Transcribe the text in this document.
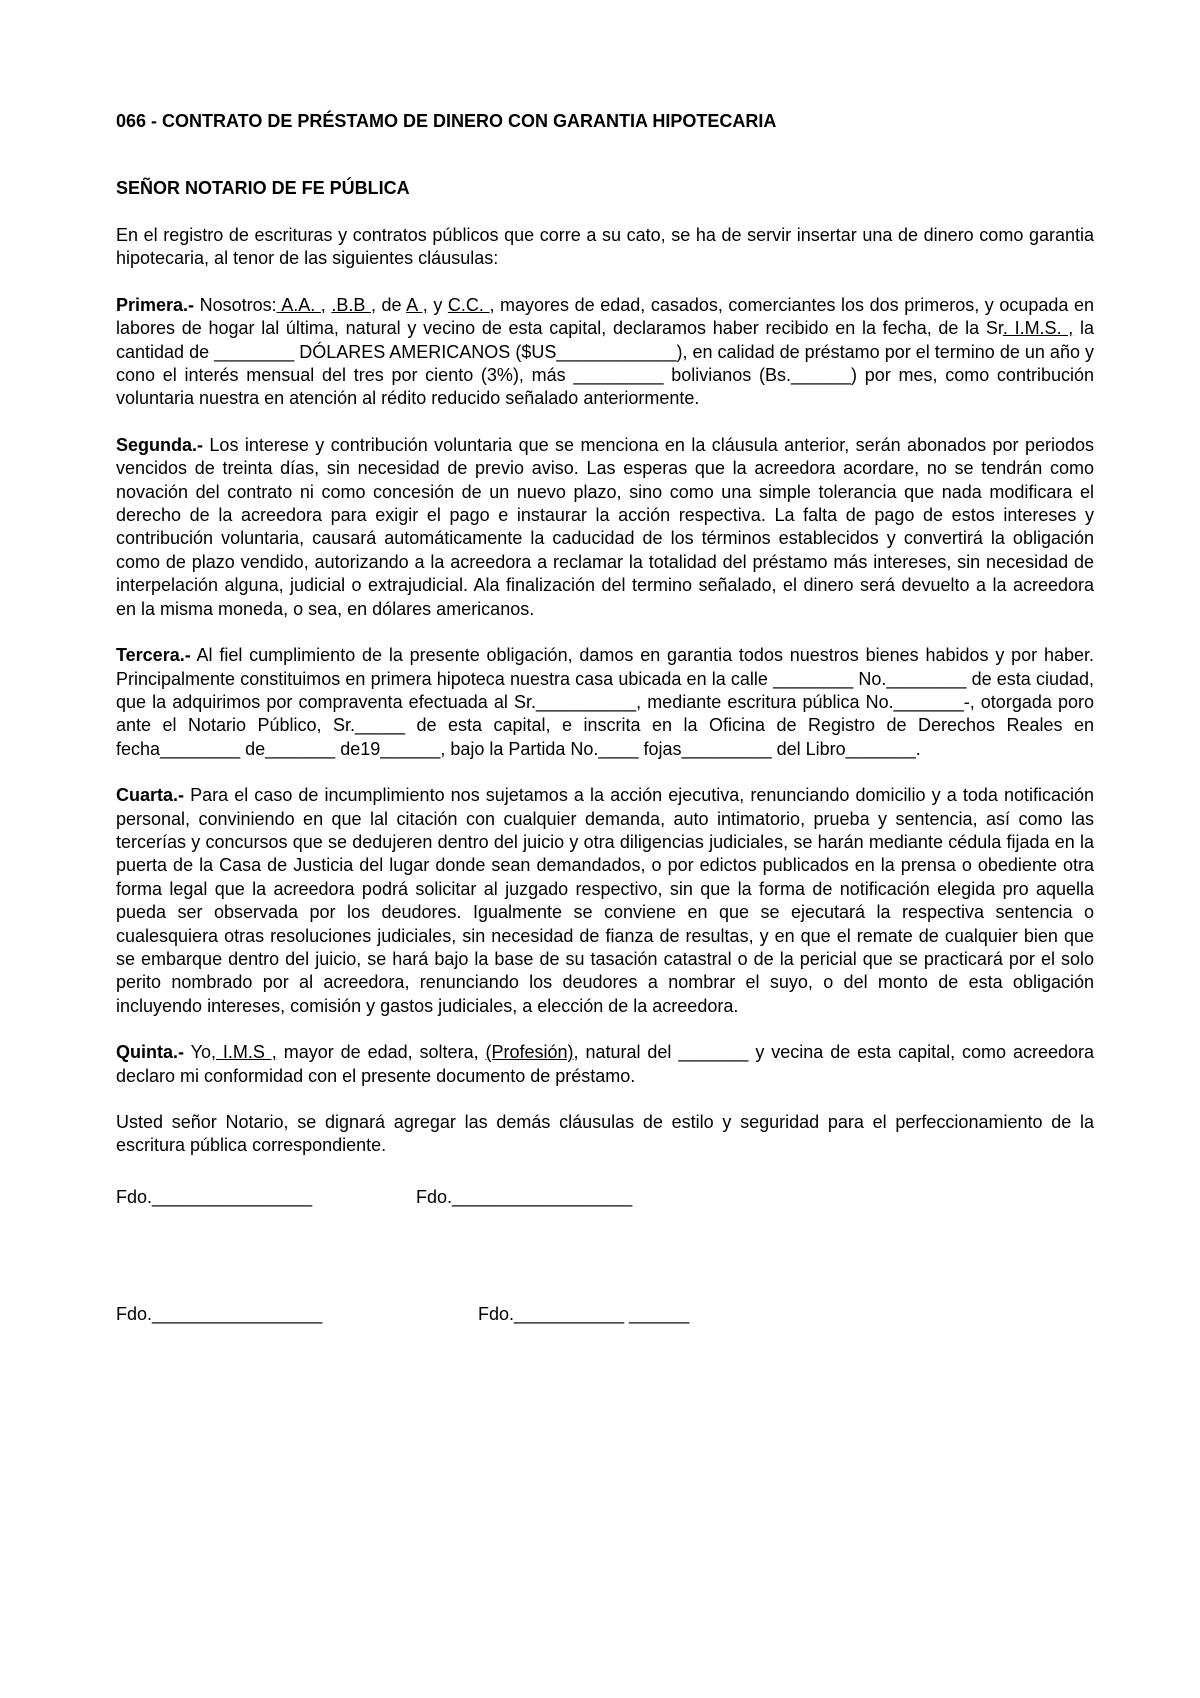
066 - CONTRATO DE PRÉSTAMO DE DINERO CON GARANTIA HIPOTECARIA
SEÑOR NOTARIO DE FE PÚBLICA

En el registro de escrituras y contratos públicos que corre a su cato, se ha de servir insertar una de dinero como garantia hipotecaria, al tenor de las siguientes cláusulas:

Primera.- Nosotros: A.A. , .B.B , de A , y C.C. , mayores de edad, casados, comerciantes los dos primeros, y ocupada en labores de hogar lal última, natural y vecino de esta capital, declaramos haber recibido en la fecha, de la Sr. I.M.S. , la cantidad de ________ DÓLARES AMERICANOS ($US____________), en calidad de préstamo por el termino de un año y cono el interés mensual del tres por ciento (3%), más _________ bolivianos (Bs.______) por mes, como contribución voluntaria nuestra en atención al rédito reducido señalado anteriormente.

Segunda.- Los interese y contribución voluntaria que se menciona en la cláusula anterior, serán abonados por periodos vencidos de treinta días, sin necesidad de previo aviso. Las esperas que la acreedora acordare, no se tendrán como novación del contrato ni como concesión de un nuevo plazo, sino como una simple tolerancia que nada modificara el derecho de la acreedora para exigir el pago e instaurar la acción respectiva. La falta de pago de estos intereses y contribución voluntaria, causará automáticamente la caducidad de los términos establecidos y convertirá la obligación como de plazo vendido, autorizando a la acreedora a reclamar la totalidad del préstamo más intereses, sin necesidad de interpelación alguna, judicial o extrajudicial. Ala finalización del termino señalado, el dinero será devuelto a la acreedora en la misma moneda, o sea, en dólares americanos.

Tercera.- Al fiel cumplimiento de la presente obligación, damos en garantia todos nuestros bienes habidos y por haber. Principalmente constituimos en primera hipoteca nuestra casa ubicada en la calle ________ No.________ de esta ciudad, que la adquirimos por compraventa efectuada al Sr.__________, mediante escritura pública No._______-, otorgada poro ante el Notario Público, Sr._____ de esta capital, e inscrita en la Oficina de Registro de Derechos Reales en fecha________ de_______ de19______, bajo la Partida No.____ fojas_________ del Libro_______.

Cuarta.- Para el caso de incumplimiento nos sujetamos a la acción ejecutiva, renunciando domicilio y a toda notificación personal, conviniendo en que lal citación con cualquier demanda, auto intimatorio, prueba y sentencia, así como las tercerías y concursos que se dedujeren dentro del juicio y otra diligencias judiciales, se harán mediante cédula fijada en la puerta de la Casa de Justicia del lugar donde sean demandados, o por edictos publicados en la prensa o obediente otra forma legal que la acreedora podrá solicitar al juzgado respectivo, sin que la forma de notificación elegida pro aquella pueda ser observada por los deudores. Igualmente se conviene en que se ejecutará la respectiva sentencia o cualesquiera otras resoluciones judiciales, sin necesidad de fianza de resultas, y en que el remate de cualquier bien que se embarque dentro del juicio, se hará bajo la base de su tasación catastral o de la pericial que se practicará por el solo perito nombrado por al acreedora, renunciando los deudores a nombrar el suyo, o del monto de esta obligación incluyendo intereses, comisión y gastos judiciales, a elección de la acreedora.

Quinta.- Yo, I.M.S , mayor de edad, soltera, (Profesión), natural del _______ y vecina de esta capital, como acreedora declaro mi conformidad con el presente documento de préstamo.

Usted señor Notario, se dignará agregar las demás cláusulas de estilo y seguridad para el perfeccionamiento de la escritura pública correspondiente.

Fdo.________________	Fdo.__________________
Fdo._________________	Fdo.___________ ______
